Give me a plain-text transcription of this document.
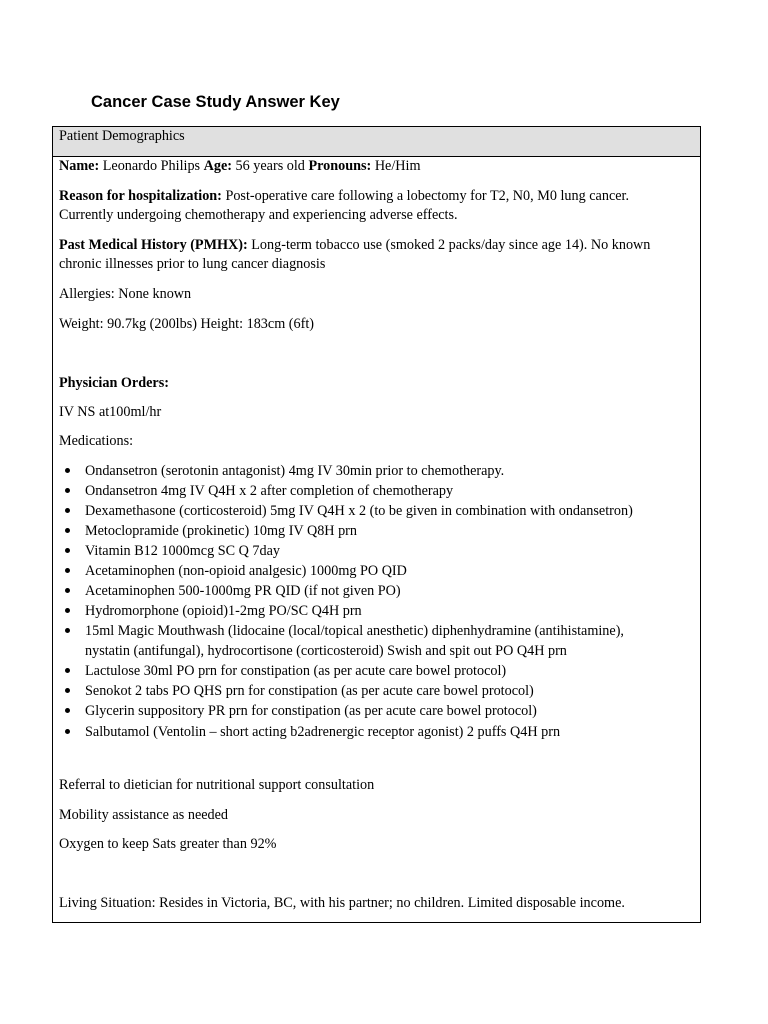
Cancer Case Study Answer Key
Patient Demographics
Name: Leonardo Philips Age: 56 years old Pronouns: He/Him
Reason for hospitalization: Post-operative care following a lobectomy for T2, N0, M0 lung cancer.
Currently undergoing chemotherapy and experiencing adverse effects.
Past Medical History (PMHX): Long-term tobacco use (smoked 2 packs/day since age 14). No known
chronic illnesses prior to lung cancer diagnosis
Allergies: None known
Weight: 90.7kg (200lbs) Height: 183cm (6ft)
Physician Orders:
IV NS at100ml/hr
Medications:
Ondansetron (serotonin antagonist) 4mg IV 30min prior to chemotherapy.
Ondansetron 4mg IV Q4H x 2 after completion of chemotherapy
Dexamethasone (corticosteroid) 5mg IV Q4H x 2 (to be given in combination with ondansetron)
Metoclopramide (prokinetic) 10mg IV Q8H prn
Vitamin B12 1000mcg SC Q 7day
Acetaminophen (non-opioid analgesic) 1000mg PO QID
Acetaminophen 500-1000mg PR QID (if not given PO)
Hydromorphone (opioid)1-2mg PO/SC Q4H prn
15ml Magic Mouthwash (lidocaine (local/topical anesthetic) diphenhydramine (antihistamine),
nystatin (antifungal), hydrocortisone (corticosteroid) Swish and spit out PO Q4H prn
Lactulose 30ml PO prn for constipation (as per acute care bowel protocol)
Senokot 2 tabs PO QHS prn for constipation (as per acute care bowel protocol)
Glycerin suppository PR prn for constipation (as per acute care bowel protocol)
Salbutamol (Ventolin – short acting b2adrenergic receptor agonist) 2 puffs Q4H prn
Referral to dietician for nutritional support consultation
Mobility assistance as needed
Oxygen to keep Sats greater than 92%
Living Situation: Resides in Victoria, BC, with his partner; no children. Limited disposable income.
